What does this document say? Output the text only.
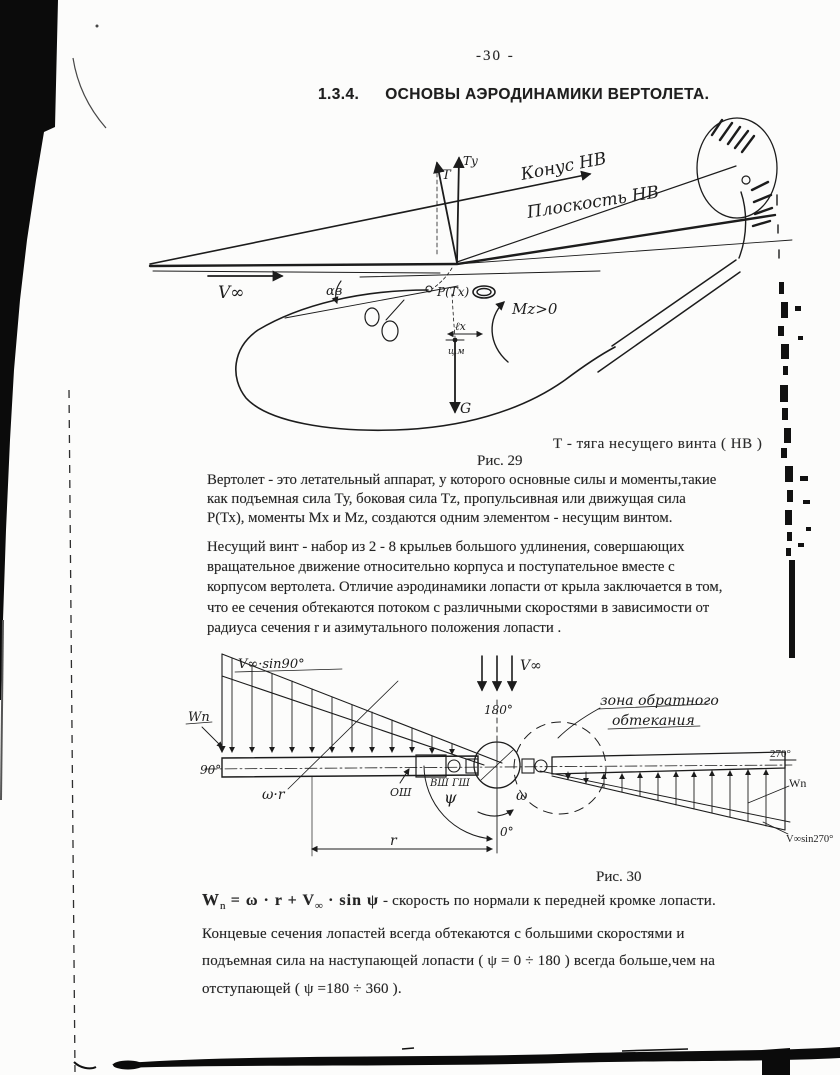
T
Tу Конус НВ
Плоскость НВ
V∞	αв	P(Tх)
Mz>0
ℓх
ц.м
G
V∞·sin90°
Wn
90°
ω·r	ОШ
ВШ ГШ
180°
V∞
ψ	ω
0°
r
зона обратного
обтекания
270°
Wn
V∞sin270°
-30 -
1.3.4. ОСНОВЫ АЭРОДИНАМИКИ ВЕРТОЛЕТА.
Т - тяга несущего винта ( НВ )
Рис. 29
Вертолет - это летательный аппарат, у которого основные силы и моменты,такие
как подъемная сила Ту, боковая сила Тz, пропульсивная или движущая сила
Р(Тх), моменты Мх и Мz, создаются одним элементом - несущим винтом.
Несущий винт - набор из 2 - 8 крыльев большого удлинения, совершающих
вращательное движение относительно корпуса и поступательное вместе с
корпусом вертолета. Отличие аэродинамики лопасти от крыла заключается в том,
что ее сечения обтекаются потоком с различными скоростями в зависимости от
радиуса сечения r и азимутального положения лопасти .
Рис. 30
$W_n = \omega \cdot r + V_\infty \cdot \sin \psi$ - скорость по нормали к передней кромке лопасти.
Концевые сечения лопастей всегда обтекаются с большими скоростями и
подъемная сила на наступающей лопасти ( ψ = 0 ÷ 180 ) всегда больше,чем на
отступающей ( ψ =180 ÷ 360 ).
